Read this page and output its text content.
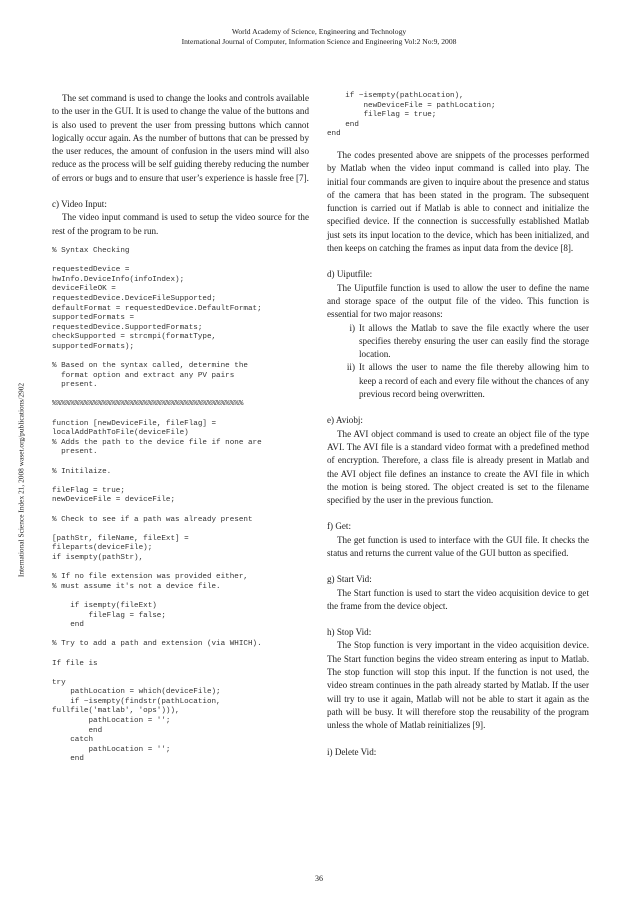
World Academy of Science, Engineering and Technology
International Journal of Computer, Information Science and Engineering Vol:2 No:9, 2008
International Science Index 21, 2008 waset.org/publications/2902

The set command is used to change the looks and controls available to the user in the GUI. It is used to change the value of the buttons and is also used to prevent the user from pressing buttons which cannot logically occur again. As the number of buttons that can be pressed by the user reduces, the amount of confusion in the users mind will also reduce as the process will be self guiding thereby reducing the number of errors or bugs and to ensure that user’s experience is hassle free [7].

c) Video Input:

The video input command is used to setup the video source for the rest of the program to be run.

% Syntax Checking
requestedDevice =
hwInfo.DeviceInfo(infoIndex);
deviceFileOK =
requestedDevice.DeviceFileSupported;
defaultFormat = requestedDevice.DefaultFormat;
supportedFormats =
requestedDevice.SupportedFormats;
checkSupported = strcmpi(formatType,
supportedFormats);
% Based on the syntax called, determine the
format option and extract any PV pairs
present.
%%%%%%%%%%%%%%%%%%%%%%%%%%%%%%%%%%%%%%%%%%
function [newDeviceFile, fileFlag] =
localAddPathToFile(deviceFile)
% Adds the path to the device file if none are
present.
% Initilaize.
fileFlag = true;
newDeviceFile = deviceFile;
% Check to see if a path was already present
[pathStr, fileName, fileExt] =
fileparts(deviceFile);
if isempty(pathStr),
% If no file extension was provided either,
% must assume it's not a device file.
if isempty(fileExt)
fileFlag = false;
end
% Try to add a path and extension (via WHICH).
If file is
try
pathLocation = which(deviceFile);
if ~isempty(findstr(pathLocation,
fullfile('matlab', 'ops'))),
pathLocation = '';
end
catch
pathLocation = '';
end
if ~isempty(pathLocation),
newDeviceFile = pathLocation;
fileFlag = true;
end
end

The codes presented above are snippets of the processes performed by Matlab when the video input command is called into play. The initial four commands are given to inquire about the presence and status of the camera that has been stated in the program. The subsequent function is carried out if Matlab is able to connect and initialize the specified device. If the connection is successfully established Matlab just sets its input location to the device, which has been initialized, and then keeps on catching the frames as input data from the device [8].

d) Uiputfile:

The Uiputfile function is used to allow the user to define the name and storage space of the output file of the video. This function is essential for two major reasons:

i) It allows the Matlab to save the file exactly where the user specifies thereby ensuring the user can easily find the storage location.
ii) It allows the user to name the file thereby allowing him to keep a record of each and every file without the chances of any previous record being overwritten.

e) Aviobj:

The AVI object command is used to create an object file of the type AVI. The AVI file is a standard video format with a predefined method of encryption. Therefore, a class file is already present in Matlab and the AVI object file defines an instance to create the AVI file in which the motion is being stored. The object created is set to the filename specified by the user in the previous function.

f) Get:

The get function is used to interface with the GUI file. It checks the status and returns the current value of the GUI button as specified.

g) Start Vid:

The Start function is used to start the video acquisition device to get the frame from the device object.

h) Stop Vid:

The Stop function is very important in the video acquisition device. The Start function begins the video stream entering as input to Matlab. The stop function will stop this input. If the function is not used, the video stream continues in the path already started by Matlab. If the user will try to use it again, Matlab will not be able to start it again as the path will be busy. It will therefore stop the reusability of the program unless the whole of Matlab reinitializes [9].

i) Delete Vid:

36
